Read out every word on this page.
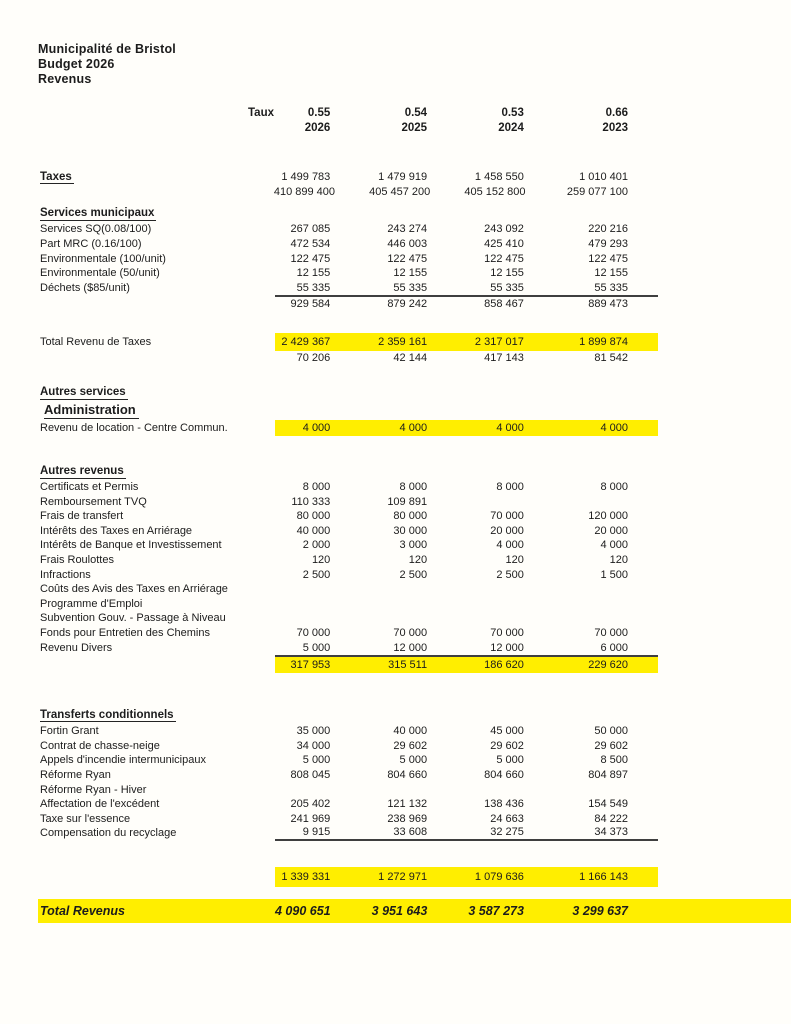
Municipalité de Bristol
Budget 2026
Revenus
Taux	0.55	0.54	0.53	0.66
2026	2025	2024	2023
Taxes	1 499 783	1 479 919	1 458 550	1 010 401
410 899 400	405 457 200	405 152 800	259 077 100
Services municipaux
Services SQ(0.08/100)	267 085	243 274	243 092	220 216
Part MRC (0.16/100)	472 534	446 003	425 410	479 293
Environmentale (100/unit)	122 475	122 475	122 475	122 475
Environmentale (50/unit)	12 155	12 155	12 155	12 155
Déchets ($85/unit)	55 335	55 335	55 335	55 335
929 584	879 242	858 467	889 473
Total Revenu de Taxes	2 429 367	2 359 161	2 317 017	1 899 874
70 206	42 144	417 143	81 542
Autres services
Administration
Revenu de location - Centre Commun.	4 000	4 000	4 000	4 000
Autres revenus
Certificats et Permis	8 000	8 000	8 000	8 000
Remboursement TVQ	110 333	109 891
Frais de transfert	80 000	80 000	70 000	120 000
Intérêts des Taxes en Arriérage	40 000	30 000	20 000	20 000
Intérêts de Banque et Investissement	2 000	3 000	4 000	4 000
Frais Roulottes	120	120	120	120
Infractions	2 500	2 500	2 500	1 500
Coûts des Avis des Taxes en Arriérage
Programme d'Emploi
Subvention Gouv. - Passage à Niveau
Fonds pour Entretien des Chemins	70 000	70 000	70 000	70 000
Revenu Divers	5 000	12 000	12 000	6 000
317 953	315 511	186 620	229 620
Transferts conditionnels
Fortin Grant	35 000	40 000	45 000	50 000
Contrat de chasse-neige	34 000	29 602	29 602	29 602
Appels d'incendie intermunicipaux	5 000	5 000	5 000	8 500
Réforme Ryan	808 045	804 660	804 660	804 897
Réforme Ryan - Hiver
Affectation de l'excédent	205 402	121 132	138 436	154 549
Taxe sur l'essence	241 969	238 969	24 663	84 222
Compensation du recyclage	9 915	33 608	32 275	34 373
1 339 331	1 272 971	1 079 636	1 166 143
Total Revenus	4 090 651	3 951 643	3 587 273	3 299 637
